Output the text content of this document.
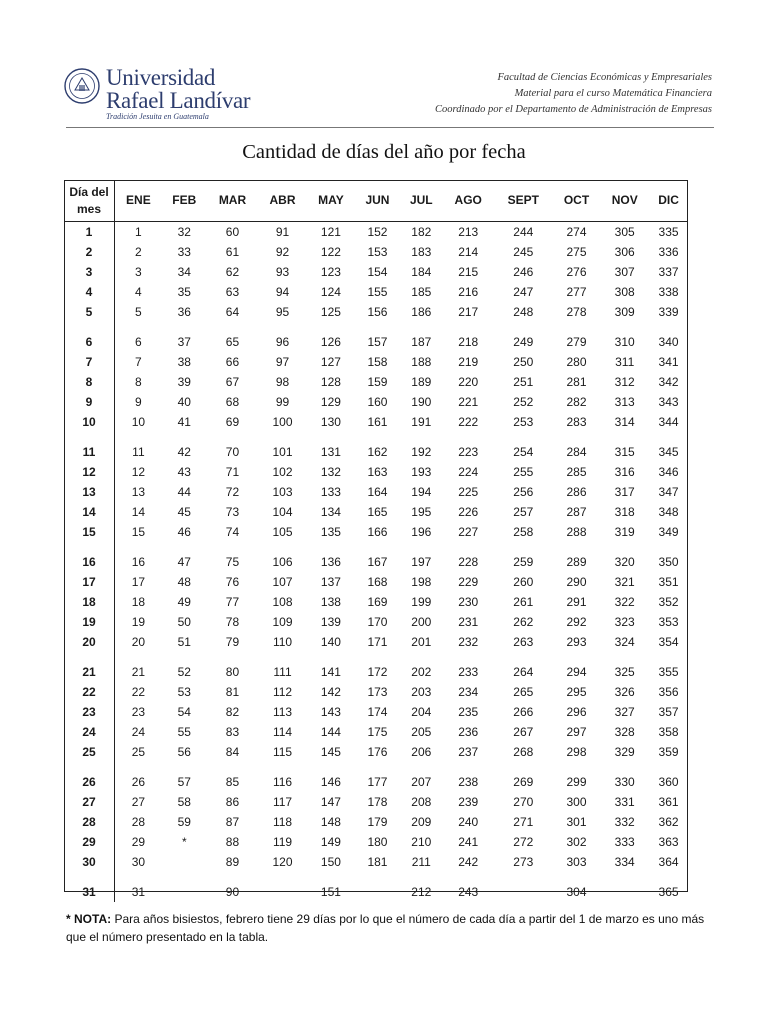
Universidad
Rafael Landívar
Tradición Jesuita en Guatemala
Facultad de Ciencias Económicas y Empresariales
Material para el curso Matemática Financiera
Coordinado por el Departamento de Administración de Empresas
Cantidad de días del año por fecha
Día del
mes	ENE	FEB	MAR	ABR	MAY	JUN	JUL	AGO	SEPT	OCT	NOV	DIC
1	1	32	60	91	121	152	182	213	244	274	305	335
2	2	33	61	92	122	153	183	214	245	275	306	336
3	3	34	62	93	123	154	184	215	246	276	307	337
4	4	35	63	94	124	155	185	216	247	277	308	338
5	5	36	64	95	125	156	186	217	248	278	309	339
6	6	37	65	96	126	157	187	218	249	279	310	340
7	7	38	66	97	127	158	188	219	250	280	311	341
8	8	39	67	98	128	159	189	220	251	281	312	342
9	9	40	68	99	129	160	190	221	252	282	313	343
10	10	41	69	100	130	161	191	222	253	283	314	344
11	11	42	70	101	131	162	192	223	254	284	315	345
12	12	43	71	102	132	163	193	224	255	285	316	346
13	13	44	72	103	133	164	194	225	256	286	317	347
14	14	45	73	104	134	165	195	226	257	287	318	348
15	15	46	74	105	135	166	196	227	258	288	319	349
16	16	47	75	106	136	167	197	228	259	289	320	350
17	17	48	76	107	137	168	198	229	260	290	321	351
18	18	49	77	108	138	169	199	230	261	291	322	352
19	19	50	78	109	139	170	200	231	262	292	323	353
20	20	51	79	110	140	171	201	232	263	293	324	354
21	21	52	80	111	141	172	202	233	264	294	325	355
22	22	53	81	112	142	173	203	234	265	295	326	356
23	23	54	82	113	143	174	204	235	266	296	327	357
24	24	55	83	114	144	175	205	236	267	297	328	358
25	25	56	84	115	145	176	206	237	268	298	329	359
26	26	57	85	116	146	177	207	238	269	299	330	360
27	27	58	86	117	147	178	208	239	270	300	331	361
28	28	59	87	118	148	179	209	240	271	301	332	362
29	29	*	88	119	149	180	210	241	272	302	333	363
30	30		89	120	150	181	211	242	273	303	334	364
31	31		90		151		212	243		304		365
* NOTA: Para años bisiestos, febrero tiene 29 días por lo que el número de cada día a partir del 1 de marzo es uno más que el número presentado en la tabla.
